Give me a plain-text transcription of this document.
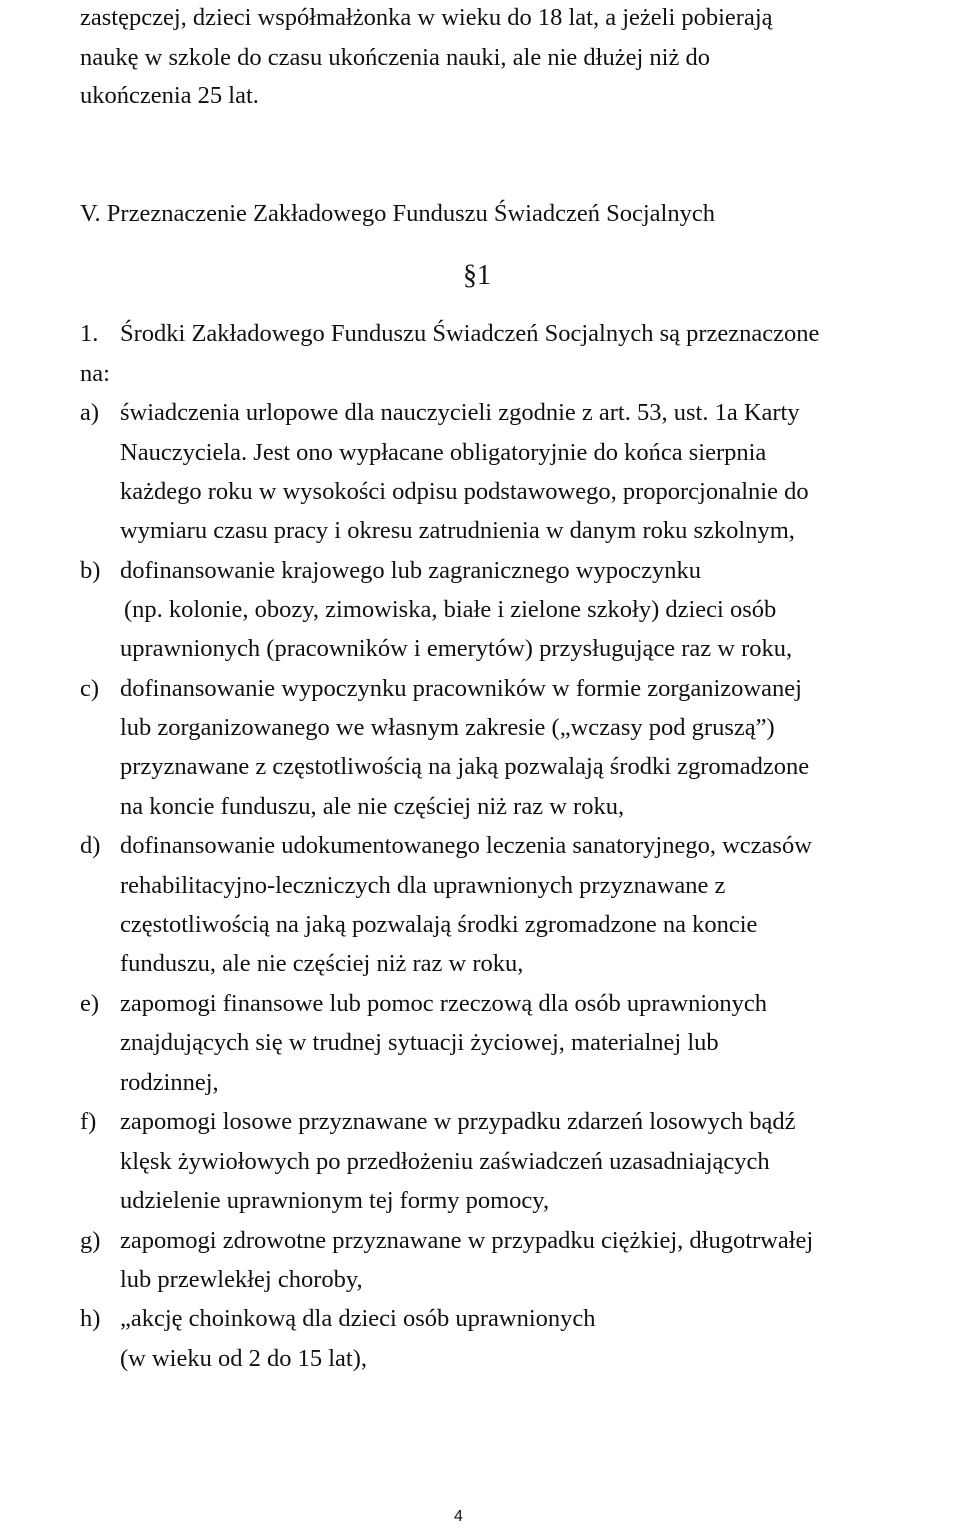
zastępczej, dzieci współmałżonka w wieku do 18 lat, a jeżeli pobierają
naukę w szkole do czasu ukończenia nauki, ale nie dłużej niż do
ukończenia 25 lat.
V. Przeznaczenie Zakładowego Funduszu Świadczeń Socjalnych
§1
1. Środki Zakładowego Funduszu Świadczeń Socjalnych są przeznaczone
na:
a) świadczenia urlopowe dla nauczycieli zgodnie z art. 53, ust. 1a Karty
Nauczyciela. Jest ono wypłacane obligatoryjnie do końca sierpnia
każdego roku w wysokości odpisu podstawowego, proporcjonalnie do
wymiaru czasu pracy i okresu zatrudnienia w danym roku szkolnym,
b) dofinansowanie krajowego lub zagranicznego wypoczynku
(np. kolonie, obozy, zimowiska, białe i zielone szkoły) dzieci osób
uprawnionych (pracowników i emerytów) przysługujące raz w roku,
c) dofinansowanie wypoczynku pracowników w formie zorganizowanej
lub zorganizowanego we własnym zakresie („wczasy pod gruszą”)
przyznawane z częstotliwością na jaką pozwalają środki zgromadzone
na koncie funduszu, ale nie częściej niż raz w roku,
d) dofinansowanie udokumentowanego leczenia sanatoryjnego, wczasów
rehabilitacyjno-leczniczych dla uprawnionych przyznawane z
częstotliwością na jaką pozwalają środki zgromadzone na koncie
funduszu, ale nie częściej niż raz w roku,
e) zapomogi finansowe lub pomoc rzeczową dla osób uprawnionych
znajdujących się w trudnej sytuacji życiowej, materialnej lub
rodzinnej,
f) zapomogi losowe przyznawane w przypadku zdarzeń losowych bądź
klęsk żywiołowych po przedłożeniu zaświadczeń uzasadniających
udzielenie uprawnionym tej formy pomocy,
g) zapomogi zdrowotne przyznawane w przypadku ciężkiej, długotrwałej
lub przewlekłej choroby,
h) „akcję choinkową dla dzieci osób uprawnionych
(w wieku od 2 do 15 lat),
4
